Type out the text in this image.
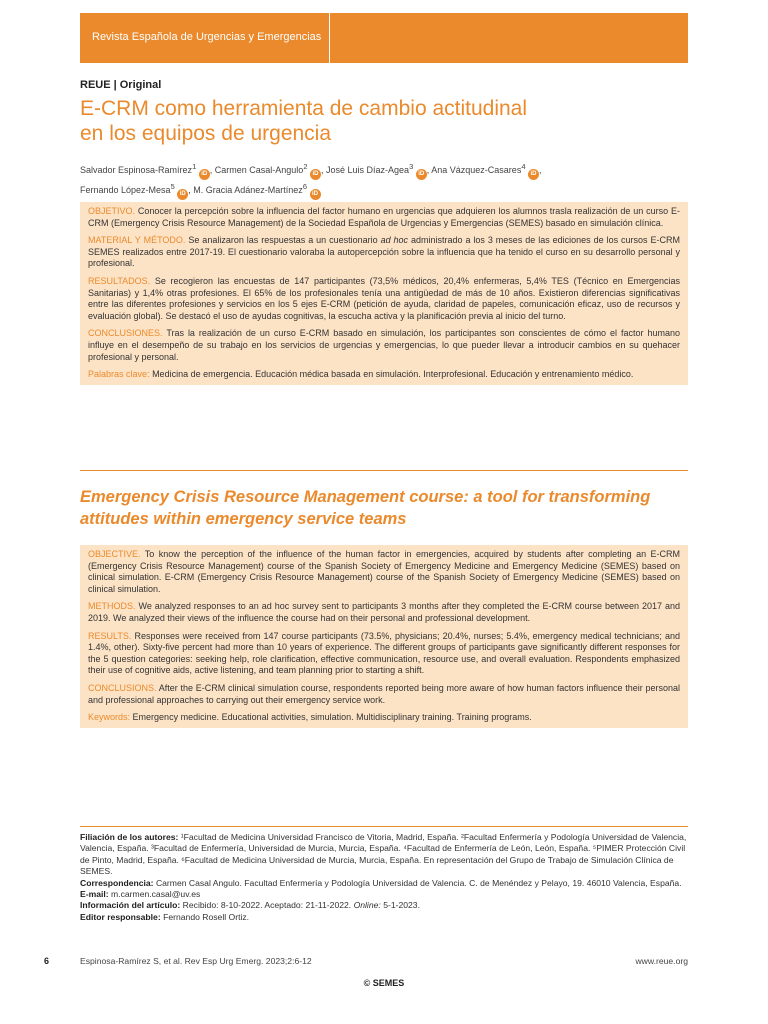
Revista Española de Urgencias y Emergencias
REUE | Original
E-CRM como herramienta de cambio actitudinal
en los equipos de urgencia
Salvador Espinosa-Ramírez$^1$ iD , Carmen Casal-Angulo$^2$ iD , José Luis Díaz-Agea$^3$ iD , Ana Vázquez-Casares$^4$ iD ,
Fernando López-Mesa$^5$ iD , M. Gracia Adánez-Martínez$^6$ iD

OBJETIVO. Conocer la percepción sobre la influencia del factor humano en urgencias que adquieren los alumnos trasla realización de un curso E-CRM (Emergency Crisis Resource Management) de la Sociedad Española de Urgencias y Emergencias (SEMES) basado en simulación clínica.

MATERIAL Y MÉTODO. Se analizaron las respuestas a un cuestionario ad hoc administrado a los 3 meses de las ediciones de los cursos E-CRM SEMES realizados entre 2017-19. El cuestionario valoraba la autopercepción sobre la influencia que ha tenido el curso en su desarrollo personal y profesional.

RESULTADOS. Se recogieron las encuestas de 147 participantes (73,5% médicos, 20,4% enfermeras, 5,4% TES (Técnico en Emergencias Sanitarias) y 1,4% otras profesiones. El 65% de los profesionales tenía una antigüedad de más de 10 años. Existieron diferencias significativas entre las diferentes profesiones y servicios en los 5 ejes E-CRM (petición de ayuda, claridad de papeles, comunicación eficaz, uso de recursos y evaluación global). Se destacó el uso de ayudas cognitivas, la escucha activa y la planificación previa al inicio del turno.

CONCLUSIONES. Tras la realización de un curso E-CRM basado en simulación, los participantes son conscientes de cómo el factor humano influye en el desempeño de su trabajo en los servicios de urgencias y emergencias, lo que pueder llevar a introducir cambios en su quehacer profesional y personal.

Palabras clave: Medicina de emergencia. Educación médica basada en simulación. Interprofesional. Educación y entrenamiento médico.

Emergency Crisis Resource Management course: a tool for transforming
attitudes within emergency service teams

OBJECTIVE. To know the perception of the influence of the human factor in emergencies, acquired by students after completing an E-CRM (Emergency Crisis Resource Management) course of the Spanish Society of Emergency Medicine and Emergency Medicine (SEMES) based on clinical simulation. E-CRM (Emergency Crisis Resource Management) course of the Spanish Society of Emergency Medicine (SEMES) based on clinical simulation.

METHODS. We analyzed responses to an ad hoc survey sent to participants 3 months after they completed the E-CRM course between 2017 and 2019. We analyzed their views of the influence the course had on their personal and professional development.

RESULTS. Responses were received from 147 course participants (73.5%, physicians; 20.4%, nurses; 5.4%, emergency medical technicians; and 1.4%, other). Sixty-five percent had more than 10 years of experience. The different groups of participants gave significantly different responses for the 5 question categories: seeking help, role clarification, effective communication, resource use, and overall evaluation. Respondents emphasized their use of cognitive aids, active listening, and team planning prior to starting a shift.

CONCLUSIONS. After the E-CRM clinical simulation course, respondents reported being more aware of how human factors influence their personal and professional approaches to carrying out their emergency service work.

Keywords: Emergency medicine. Educational activities, simulation. Multidisciplinary training. Training programs.

Filiación de los autores: ¹Facultad de Medicina Universidad Francisco de Vitoria, Madrid, España. ²Facultad Enfermería y Podología Universidad de Valencia, Valencia, España. ³Facultad de Enfermería, Universidad de Murcia, Murcia, España. ⁴Facultad de Enfermería de León, León, España. ⁵PIMER Protección Civil de Pinto, Madrid, España. ⁶Facultad de Medicina Universidad de Murcia, Murcia, España. En representación del Grupo de Trabajo de Simulación Clínica de SEMES.

Correspondencia: Carmen Casal Angulo. Facultad Enfermería y Podología Universidad de Valencia. C. de Menéndez y Pelayo, 19. 46010 Valencia, España.

E-mail: m.carmen.casal@uv.es

Información del artículo: Recibido: 8-10-2022. Aceptado: 21-11-2022. Online: 5-1-2023.

Editor responsable: Fernando Rosell Ortiz.

6	Espinosa-Ramírez S, et al. Rev Esp Urg Emerg. 2023;2:6-12	www.reue.org
© SEMES
